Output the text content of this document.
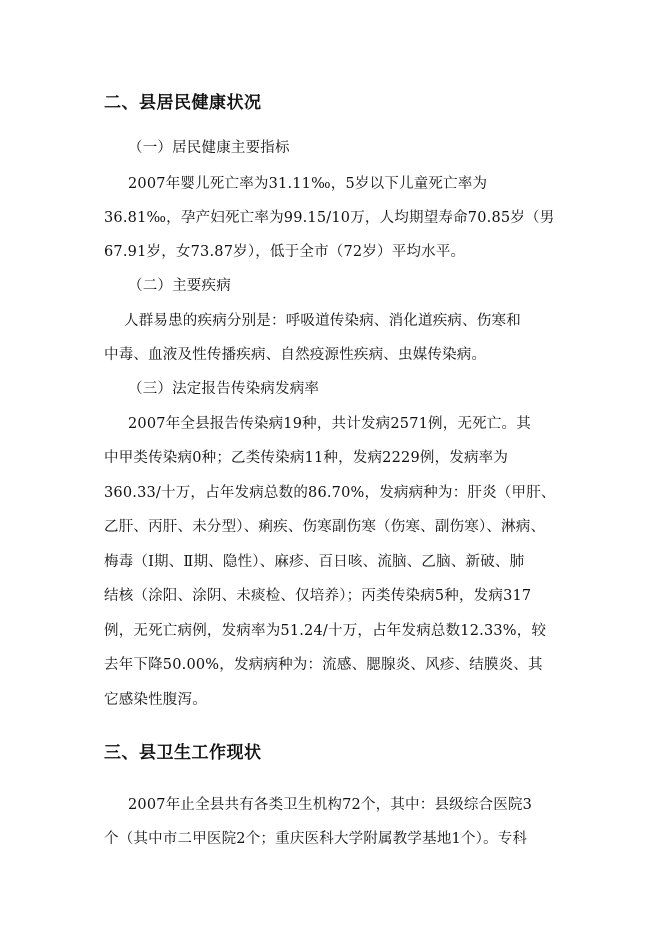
二、县居民健康状况

（一）居民健康主要指标

2007年婴儿死亡率为31.11‰，5岁以下儿童死亡率为

36.81‰，孕产妇死亡率为99.15/10万，人均期望寿命70.85岁（男

67.91岁，女73.87岁），低于全市（72岁）平均水平。

（二）主要疾病

人群易患的疾病分别是：呼吸道传染病、消化道疾病、伤寒和

中毒、血液及性传播疾病、自然疫源性疾病、虫媒传染病。

（三）法定报告传染病发病率

2007年全县报告传染病19种，共计发病2571例，无死亡。其

中甲类传染病0种；乙类传染病11种，发病2229例，发病率为

360.33/十万，占年发病总数的86.70%，发病病种为：肝炎（甲肝、

乙肝、丙肝、未分型）、痢疾、伤寒副伤寒（伤寒、副伤寒）、淋病、

梅毒（Ⅰ期、Ⅱ期、隐性）、麻疹、百日咳、流脑、乙脑、新破、肺

结核（涂阳、涂阴、未痰检、仅培养）；丙类传染病5种，发病317

例，无死亡病例，发病率为51.24/十万，占年发病总数12.33%，较

去年下降50.00%，发病病种为：流感、腮腺炎、风疹、结膜炎、其

它感染性腹泻。

三、县卫生工作现状

2007年止全县共有各类卫生机构72个，其中：县级综合医院3

个（其中市二甲医院2个；重庆医科大学附属教学基地1个）。专科
